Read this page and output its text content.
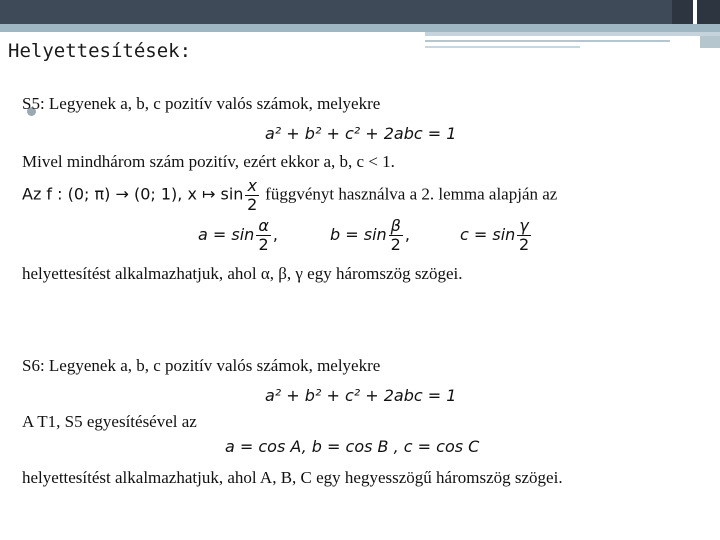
Helyettesítések:
S5: Legyenek a, b, c pozitív valós számok, melyekre
a² + b² + c² + 2abc = 1
Mivel mindhárom szám pozitív, ezért ekkor a, b, c < 1.
Az f : (0; π) → (0; 1), x ↦ $\sin \frac{x}{2}$ függvényt használva a 2. lemma alapján az
$a = \sin \frac{\alpha}{2}$ ,	$b = \sin \frac{\beta}{2}$ ,	$c = \sin \frac{\gamma}{2}$
helyettesítést alkalmazhatjuk, ahol α, β, γ egy háromszög szögei.
S6: Legyenek a, b, c pozitív valós számok, melyekre
a² + b² + c² + 2abc = 1
A T1, S5 egyesítésével az
a = cos A, b = cos B , c = cos C
helyettesítést alkalmazhatjuk, ahol A, B, C egy hegyesszögű háromszög szögei.
